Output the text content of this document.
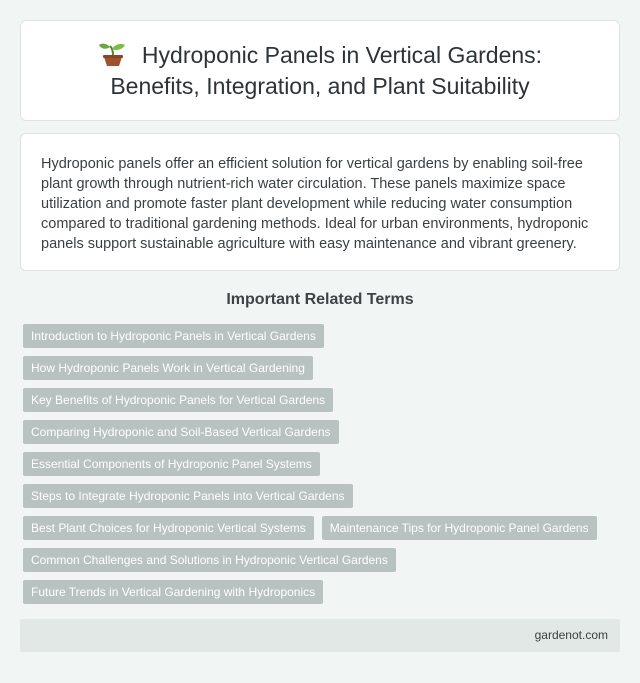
Hydroponic Panels in Vertical Gardens: Benefits, Integration, and Plant Suitability

Hydroponic panels offer an efficient solution for vertical gardens by enabling soil-free plant growth through nutrient-rich water circulation. These panels maximize space utilization and promote faster plant development while reducing water consumption compared to traditional gardening methods. Ideal for urban environments, hydroponic panels support sustainable agriculture with easy maintenance and vibrant greenery.

Important Related Terms
Introduction to Hydroponic Panels in Vertical Gardens
How Hydroponic Panels Work in Vertical Gardening
Key Benefits of Hydroponic Panels for Vertical Gardens
Comparing Hydroponic and Soil-Based Vertical Gardens
Essential Components of Hydroponic Panel Systems
Steps to Integrate Hydroponic Panels into Vertical Gardens
Best Plant Choices for Hydroponic Vertical Systems	Maintenance Tips for Hydroponic Panel Gardens
Common Challenges and Solutions in Hydroponic Vertical Gardens
Future Trends in Vertical Gardening with Hydroponics
gardenot.com
